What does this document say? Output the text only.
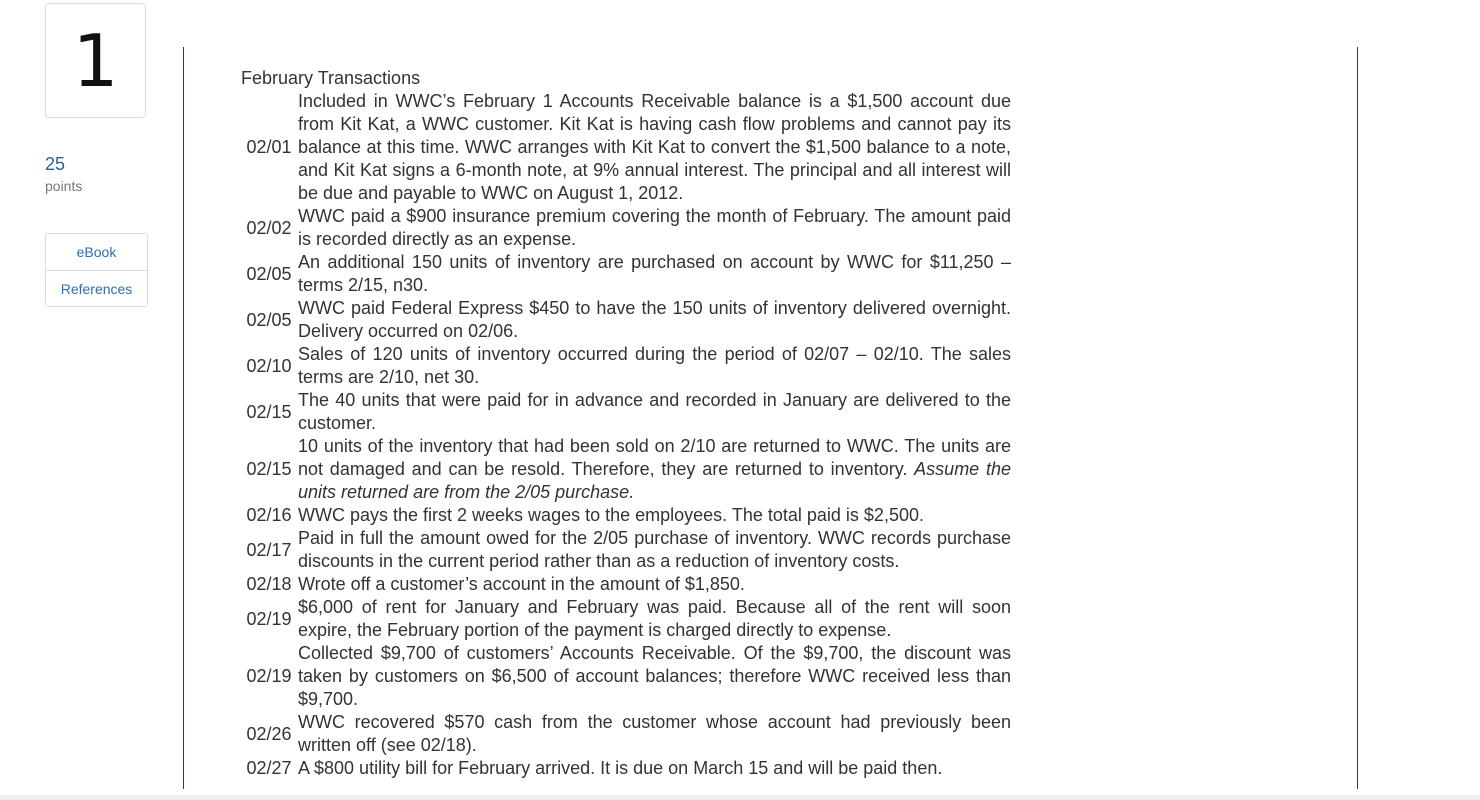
1
25
points
eBook
References
February Transactions
02/01	Included in WWC’s February 1 Accounts Receivable balance is a $1,500 account due from Kit Kat, a WWC customer. Kit Kat is having cash flow problems and cannot pay its balance at this time. WWC arranges with Kit Kat to convert the $1,500 balance to a note, and Kit Kat signs a 6-month note, at 9% annual interest. The principal and all interest will be due and payable to WWC on August 1, 2012.
02/02	WWC paid a $900 insurance premium covering the month of February. The amount paid is recorded directly as an expense.
02/05	An additional 150 units of inventory are purchased on account by WWC for $11,250 – terms 2/15, n30.
02/05	WWC paid Federal Express $450 to have the 150 units of inventory delivered overnight. Delivery occurred on 02/06.
02/10	Sales of 120 units of inventory occurred during the period of 02/07 – 02/10. The sales terms are 2/10, net 30.
02/15	The 40 units that were paid for in advance and recorded in January are delivered to the customer.
02/15	10 units of the inventory that had been sold on 2/10 are returned to WWC. The units are not damaged and can be resold. Therefore, they are returned to inventory. Assume the units returned are from the 2/05 purchase.
02/16	WWC pays the first 2 weeks wages to the employees. The total paid is $2,500.
02/17	Paid in full the amount owed for the 2/05 purchase of inventory. WWC records purchase discounts in the current period rather than as a reduction of inventory costs.
02/18	Wrote off a customer’s account in the amount of $1,850.
02/19	$6,000 of rent for January and February was paid. Because all of the rent will soon expire, the February portion of the payment is charged directly to expense.
02/19	Collected $9,700 of customers’ Accounts Receivable. Of the $9,700, the discount was taken by customers on $6,500 of account balances; therefore WWC received less than $9,700.
02/26	WWC recovered $570 cash from the customer whose account had previously been written off (see 02/18).
02/27	A $800 utility bill for February arrived. It is due on March 15 and will be paid then.
